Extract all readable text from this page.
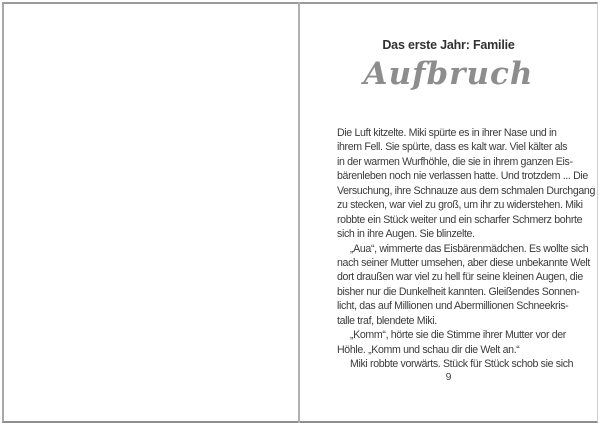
Das erste Jahr: Familie
Aufbruch
Die Luft kitzelte. Miki spürte es in ihrer Nase und in
ihrem Fell. Sie spürte, dass es kalt war. Viel kälter als
in der warmen Wurfhöhle, die sie in ihrem ganzen Eis-
bärenleben noch nie verlassen hatte. Und trotzdem ... Die
Versuchung, ihre Schnauze aus dem schmalen Durchgang
zu stecken, war viel zu groß, um ihr zu widerstehen. Miki
robbte ein Stück weiter und ein scharfer Schmerz bohrte
sich in ihre Augen. Sie blinzelte.
„Aua“, wimmerte das Eisbärenmädchen. Es wollte sich
nach seiner Mutter umsehen, aber diese unbekannte Welt
dort draußen war viel zu hell für seine kleinen Augen, die
bisher nur die Dunkelheit kannten. Gleißendes Sonnen-
licht, das auf Millionen und Abermillionen Schneekris-
talle traf, blendete Miki.
„Komm“, hörte sie die Stimme ihrer Mutter vor der
Höhle. „Komm und schau dir die Welt an.“
Miki robbte vorwärts. Stück für Stück schob sie sich
9
